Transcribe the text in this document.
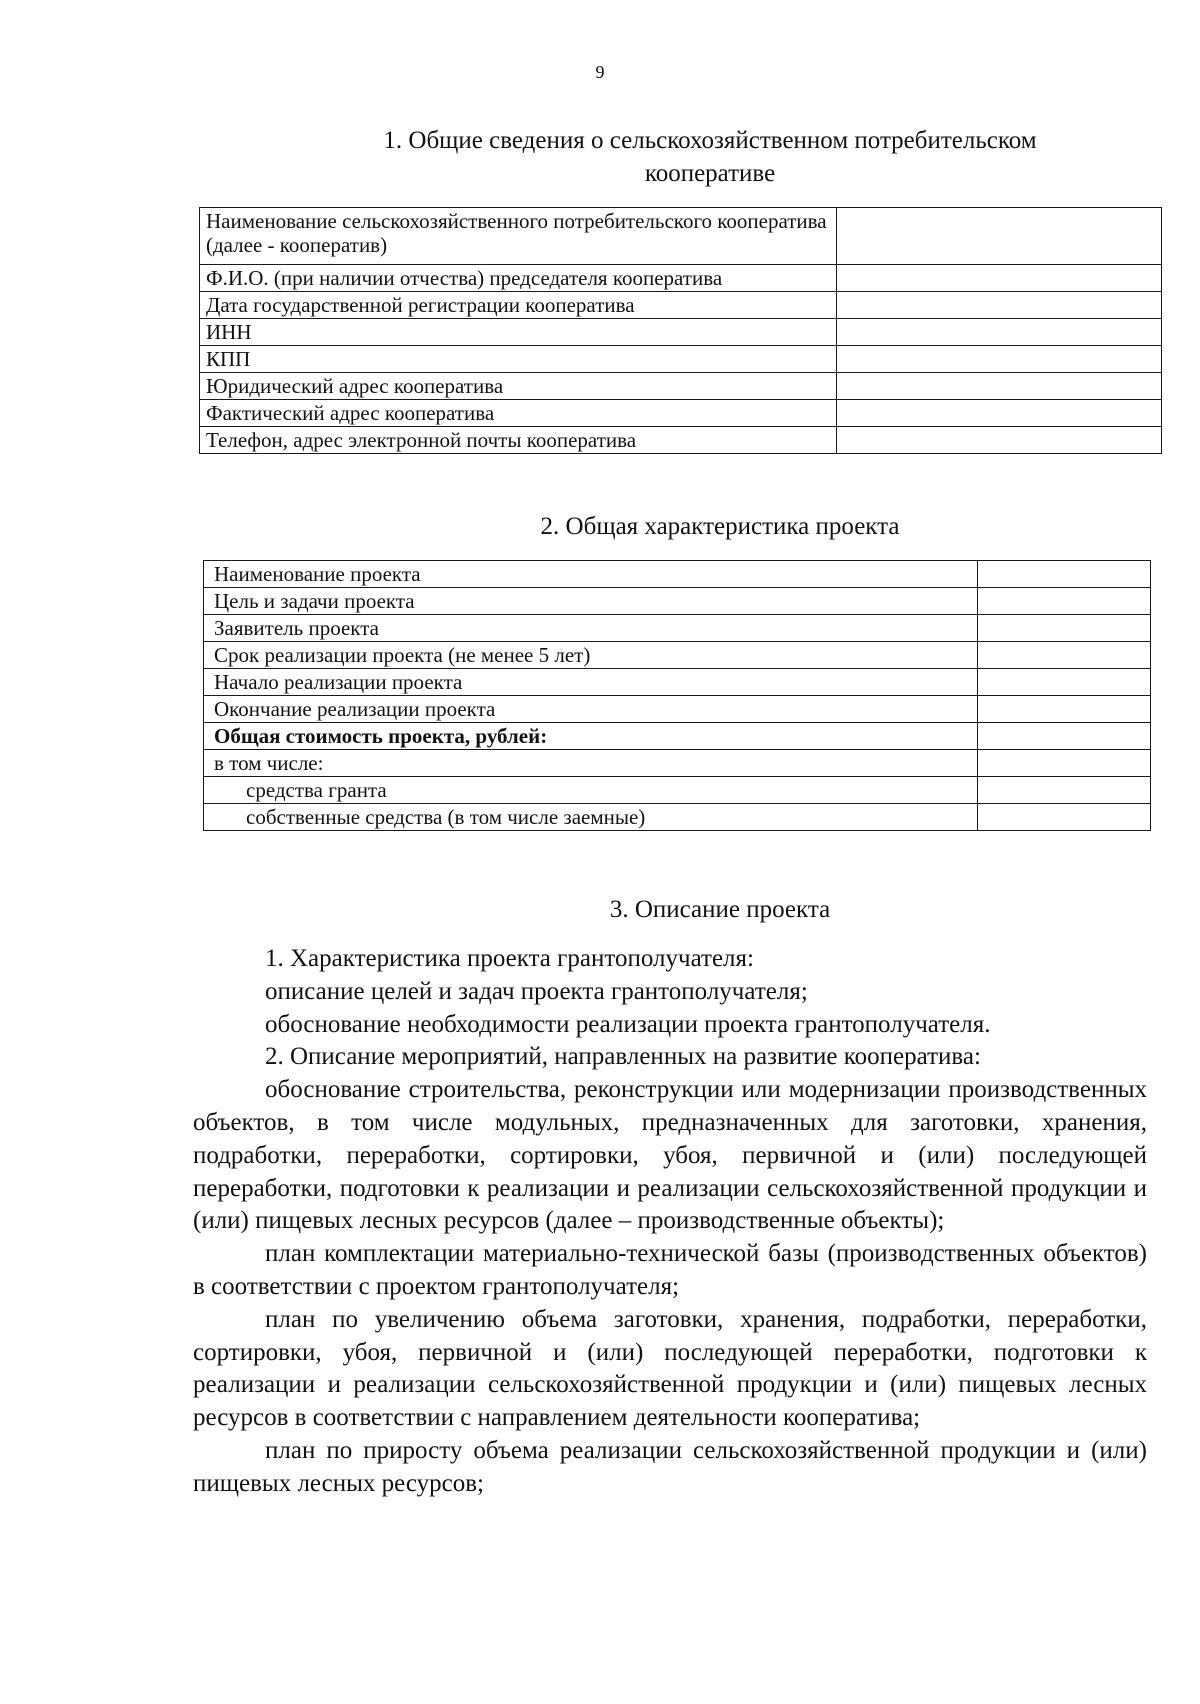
9
1. Общие сведения о сельскохозяйственном потребительском кооперативе
Наименование сельскохозяйственного потребительского кооператива (далее - кооператив)	
Ф.И.О. (при наличии отчества) председателя кооператива	
Дата государственной регистрации кооператива	
ИНН	
КПП	
Юридический адрес кооператива	
Фактический адрес кооператива	
Телефон, адрес электронной почты кооператива	
2. Общая характеристика проекта
Наименование проекта	
Цель и задачи проекта	
Заявитель проекта	
Срок реализации проекта (не менее 5 лет)	
Начало реализации проекта	
Окончание реализации проекта	
Общая стоимость проекта, рублей:	
в том числе:	
средства гранта	
собственные средства (в том числе заемные)	
3. Описание проекта

1. Характеристика проекта грантополучателя:

описание целей и задач проекта грантополучателя;

обоснование необходимости реализации проекта грантополучателя.

2. Описание мероприятий, направленных на развитие кооператива:

обоснование строительства, реконструкции или модернизации производственных объектов, в том числе модульных, предназначенных для заготовки, хранения, подработки, переработки, сортировки, убоя, первичной и (или) последующей переработки, подготовки к реализации и реализации сельскохозяйственной продукции и (или) пищевых лесных ресурсов (далее – производственные объекты);

план комплектации материально-технической базы (производственных объектов) в соответствии с проектом грантополучателя;

план по увеличению объема заготовки, хранения, подработки, переработки, сортировки, убоя, первичной и (или) последующей переработки, подготовки к реализации и реализации сельскохозяйственной продукции и (или) пищевых лесных ресурсов в соответствии с направлением деятельности кооператива;

план по приросту объема реализации сельскохозяйственной продукции и (или) пищевых лесных ресурсов;
